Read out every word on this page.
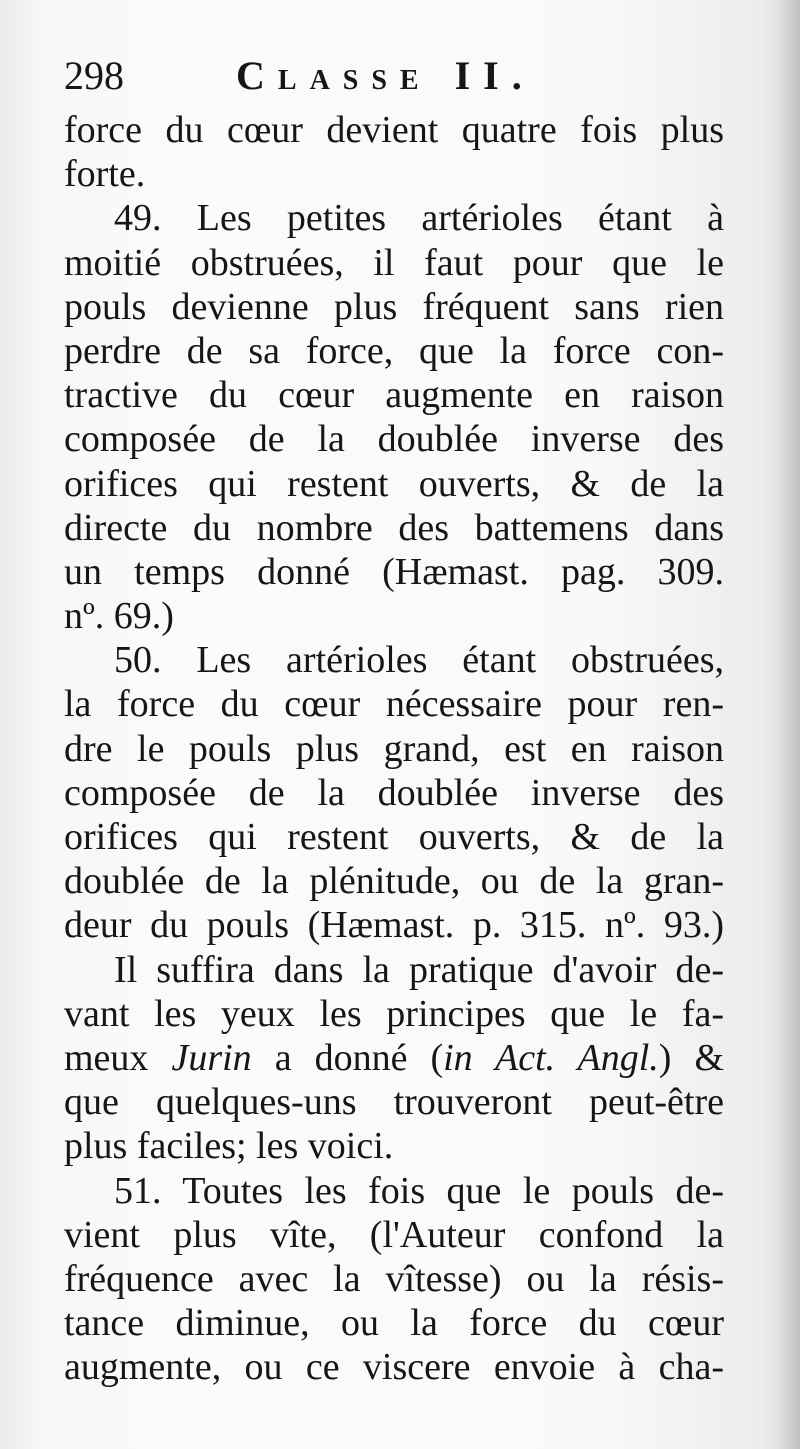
298	Classe II.
force du cœur devient quatre fois plus
forte.
49. Les petites artérioles étant à
moitié obstruées, il faut pour que le
pouls devienne plus fréquent sans rien
perdre de sa force, que la force con-
tractive du cœur augmente en raison
composée de la doublée inverse des
orifices qui restent ouverts, & de la
directe du nombre des battemens dans
un temps donné (Hæmast. pag. 309.
nº. 69.)
50. Les artérioles étant obstruées,
la force du cœur nécessaire pour ren-
dre le pouls plus grand, est en raison
composée de la doublée inverse des
orifices qui restent ouverts, & de la
doublée de la plénitude, ou de la gran-
deur du pouls (Hæmast. p. 315. nº. 93.)
Il suffira dans la pratique d'avoir de-
vant les yeux les principes que le fa-
meux Jurin a donné (in Act. Angl.) &
que quelques-uns trouveront peut-être
plus faciles; les voici.
51. Toutes les fois que le pouls de-
vient plus vîte, (l'Auteur confond la
fréquence avec la vîtesse) ou la résis-
tance diminue, ou la force du cœur
augmente, ou ce viscere envoie à cha-
